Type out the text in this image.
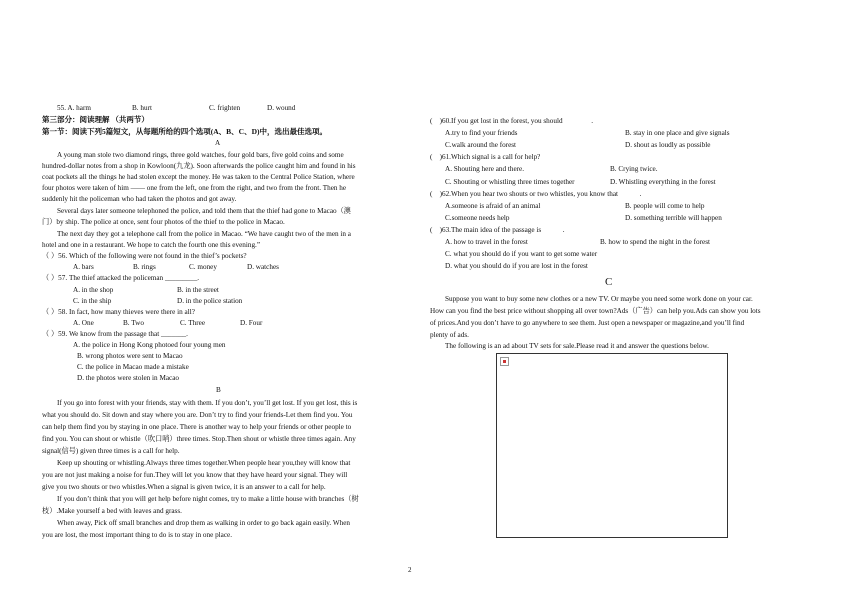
55. A. harm	B. hurt	C. frighten	D. wound
第三部分：阅读理解 （共两节）
第一节：阅读下列5篇短文，从每题所给的四个选项(A、B、C、D)中，选出最佳选项。
A
A young man stole two diamond rings, three gold watches, four gold bars, five gold coins and some
hundred-dollar notes from a shop in Kowloon(九龙). Soon afterwards the police caught him and found in his
coat pockets all the things he had stolen except the money. He was taken to the Central Police Station, where
four photos were taken of him —— one from the left, one from the right, and two from the front. Then he
suddenly hit the policeman who had taken the photos and got away.
Several days later someone telephoned the police, and told them that the thief had gone to Macao（澳
门）by ship. The police at once, sent four photos of the thief to the police in Macao.
The next day they got a telephone call from the police in Macao. “We have caught two of the men in a
hotel and one in a restaurant. We hope to catch the fourth one this evening.”
（ ）56. Which of the following were not found in the thief’s pockets?
A. bars	B. rings	C. money	D. watches
（ ）57. The thief attacked the policeman _________.
A. in the shop	B. in the street
C. in the ship	D. in the police station
（ ）58. In fact, how many thieves were there in all?
A. One	B. Two	C. Three	D. Four
（ ）59. We know from the passage that _______.
A. the police in Hong Kong photoed four young men
B. wrong photos were sent to Macao
C. the police in Macao made a mistake
D. the photos were stolen in Macao
B
If you go into forest with your friends, stay with them. If you don’t, you’ll get lost. If you get lost, this is
what you should do. Sit down and stay where you are. Don’t try to find your friends-Let them find you. You
can help them find you by staying in one place. There is another way to help your friends or other people to
find you. You can shout or whistle（吹口哨）three times. Stop.Then shout or whistle three times again. Any
signal(信号) given three times is a call for help.
Keep up shouting or whistling.Always three times together.When people hear you,they will know that
you are not just making a noise for fun.They will let you know that they have heard your signal. They will
give you two shouts or two whistles.When a signal is given twice, it is an answer to a call for help.
If you don’t think that you will get help before night comes, try to make a little house with branches（树
枝）.Make yourself a bed with leaves and grass.
When away, Pick off small branches and drop them as walking in order to go back again easily. When
you are lost, the most important thing to do is to stay in one place.
(　)60.If you get lost in the forest, you should　　　　.
A.try to find your friends	B. stay in one place and give signals
C.walk around the forest	D. shout as loudly as possible
(　)61.Which signal is a call for help?
A. Shouting here and there.	B. Crying twice.
C. Shouting or whistling three times together	D. Whistling everything in the forest
(　)62.When you hear two shouts or two whistles, you know that　　　.
A.someone is afraid of an animal	B. people will come to help
C.someone needs help	D. something terrible will happen
(　)63.The main idea of the passage is　　　.
A. how to travel in the forest	B. how to spend the night in the forest
C. what you should do if you want to get some water
D. what you should do if you are lost in the forest
C
Suppose you want to buy some new clothes or a new TV. Or maybe you need some work done on your car.
How can you find the best price without shopping all over town?Ads（广告）can help you.Ads can show you lots
of prices.And you don’t have to go anywhere to see them. Just open a newspaper or magazine,and you’ll find
plenty of ads.
The following is an ad about TV sets for sale.Please read it and answer the questions below.
2
